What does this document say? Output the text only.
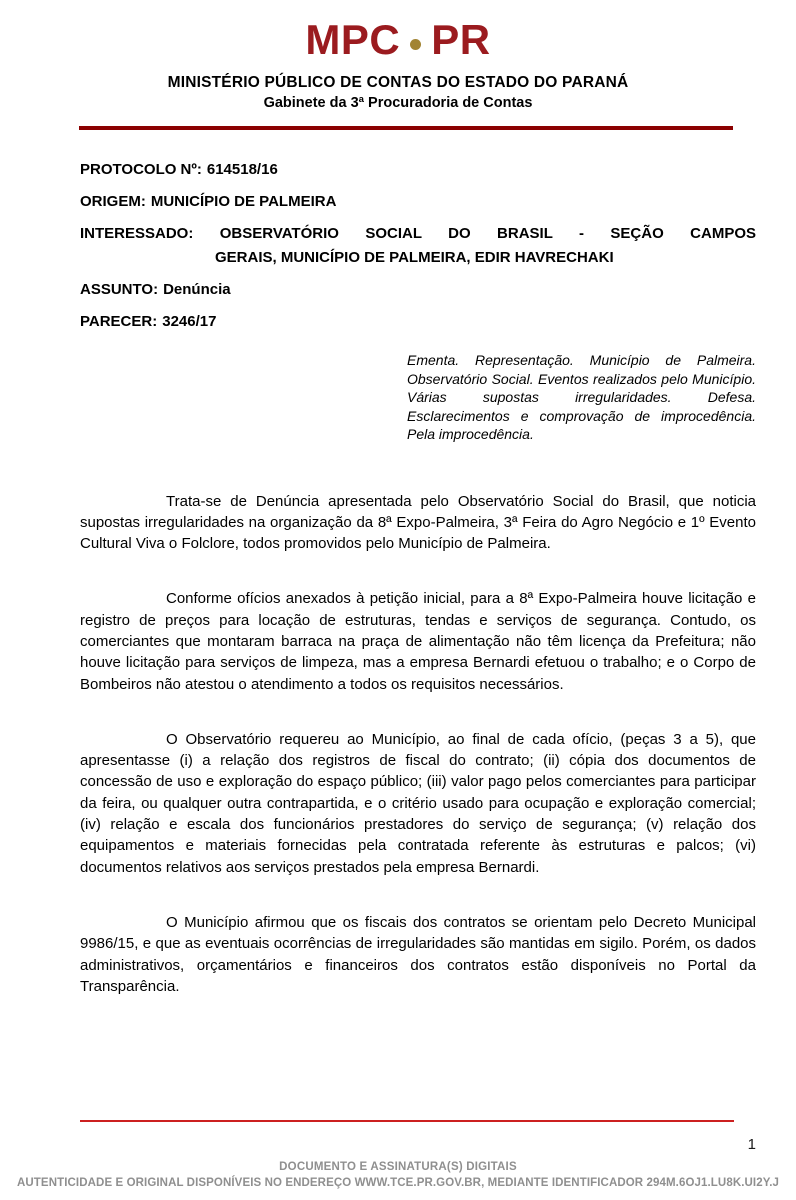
MPC PR
MINISTÉRIO PÚBLICO DE CONTAS DO ESTADO DO PARANÁ
Gabinete da 3ª Procuradoria de Contas

PROTOCOLO Nº: 614518/16

ORIGEM: MUNICÍPIO DE PALMEIRA

INTERESSADO: OBSERVATÓRIO SOCIAL DO BRASIL - SEÇÃO CAMPOS
GERAIS, MUNICÍPIO DE PALMEIRA, EDIR HAVRECHAKI

ASSUNTO: Denúncia

PARECER: 3246/17

Ementa. Representação. Município de Palmeira. Observatório Social. Eventos realizados pelo Município. Várias supostas irregularidades. Defesa. Esclarecimentos e comprovação de improcedência. Pela improcedência.

Trata-se de Denúncia apresentada pelo Observatório Social do Brasil, que noticia supostas irregularidades na organização da 8ª Expo-Palmeira, 3ª Feira do Agro Negócio e 1º Evento Cultural Viva o Folclore, todos promovidos pelo Município de Palmeira.

Conforme ofícios anexados à petição inicial, para a 8ª Expo-Palmeira houve licitação e registro de preços para locação de estruturas, tendas e serviços de segurança. Contudo, os comerciantes que montaram barraca na praça de alimentação não têm licença da Prefeitura; não houve licitação para serviços de limpeza, mas a empresa Bernardi efetuou o trabalho; e o Corpo de Bombeiros não atestou o atendimento a todos os requisitos necessários.

O Observatório requereu ao Município, ao final de cada ofício, (peças 3 a 5), que apresentasse (i) a relação dos registros de fiscal do contrato; (ii) cópia dos documentos de concessão de uso e exploração do espaço público; (iii) valor pago pelos comerciantes para participar da feira, ou qualquer outra contrapartida, e o critério usado para ocupação e exploração comercial; (iv) relação e escala dos funcionários prestadores do serviço de segurança; (v) relação dos equipamentos e materiais fornecidas pela contratada referente às estruturas e palcos; (vi) documentos relativos aos serviços prestados pela empresa Bernardi.

O Município afirmou que os fiscais dos contratos se orientam pelo Decreto Municipal 9986/15, e que as eventuais ocorrências de irregularidades são mantidas em sigilo. Porém, os dados administrativos, orçamentários e financeiros dos contratos estão disponíveis no Portal da Transparência.

1
DOCUMENTO E ASSINATURA(S) DIGITAIS
AUTENTICIDADE E ORIGINAL DISPONÍVEIS NO ENDEREÇO WWW.TCE.PR.GOV.BR, MEDIANTE IDENTIFICADOR 294M.6OJ1.LU8K.UI2Y.J
